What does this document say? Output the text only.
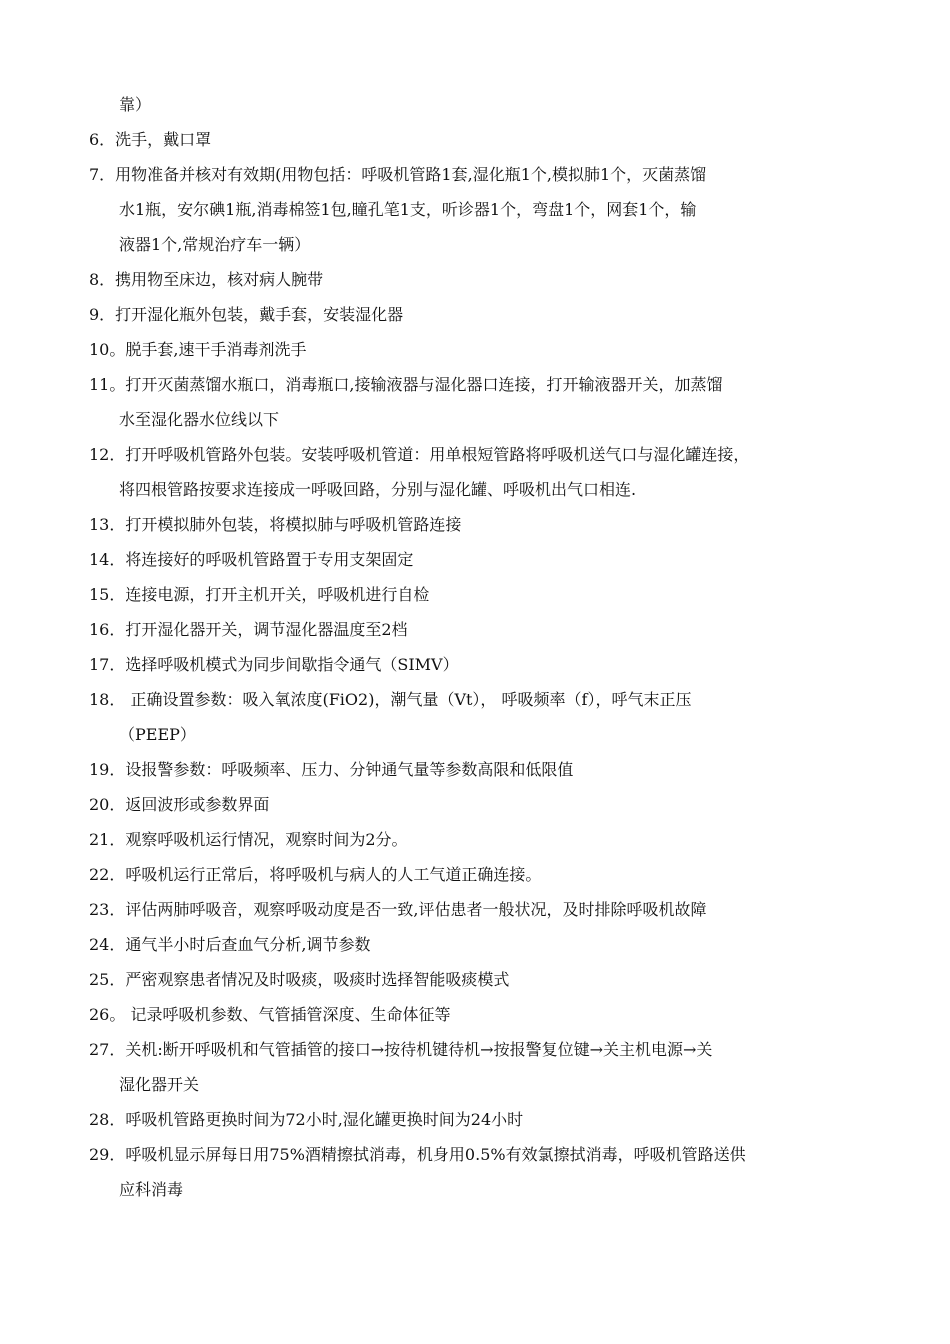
靠）

6．洗手，戴口罩

7．用物准备并核对有效期(用物包括：呼吸机管路1套,湿化瓶1个,模拟肺1个，灭菌蒸馏

水1瓶，安尔碘1瓶,消毒棉签1包,瞳孔笔1支，听诊器1个，弯盘1个，网套1个，输

液器1个,常规治疗车一辆）

8．携用物至床边，核对病人腕带

9．打开湿化瓶外包装，戴手套，安装湿化器

10。脱手套,速干手消毒剂洗手

11。打开灭菌蒸馏水瓶口，消毒瓶口,接输液器与湿化器口连接，打开输液器开关，加蒸馏

水至湿化器水位线以下

12．打开呼吸机管路外包装。安装呼吸机管道：用单根短管路将呼吸机送气口与湿化罐连接，

将四根管路按要求连接成一呼吸回路，分别与湿化罐、呼吸机出气口相连.

13．打开模拟肺外包装，将模拟肺与呼吸机管路连接

14．将连接好的呼吸机管路置于专用支架固定

15．连接电源，打开主机开关，呼吸机进行自检

16．打开湿化器开关，调节湿化器温度至2档

17．选择呼吸机模式为同步间歇指令通气（SIMV）

18． 正确设置参数：吸入氧浓度(FiO2)，潮气量（Vt）， 呼吸频率（f），呼气末正压

（PEEP）

19．设报警参数：呼吸频率、压力、分钟通气量等参数高限和低限值

20．返回波形或参数界面

21．观察呼吸机运行情况，观察时间为2分。

22．呼吸机运行正常后，将呼吸机与病人的人工气道正确连接。

23．评估两肺呼吸音，观察呼吸动度是否一致,评估患者一般状况，及时排除呼吸机故障

24．通气半小时后查血气分析,调节参数

25．严密观察患者情况及时吸痰，吸痰时选择智能吸痰模式

26。 记录呼吸机参数、气管插管深度、生命体征等

27．关机:断开呼吸机和气管插管的接口→按待机键待机→按报警复位键→关主机电源→关

湿化器开关

28．呼吸机管路更换时间为72小时,湿化罐更换时间为24小时

29．呼吸机显示屏每日用75%酒精擦拭消毒，机身用0.5%有效氯擦拭消毒，呼吸机管路送供

应科消毒
